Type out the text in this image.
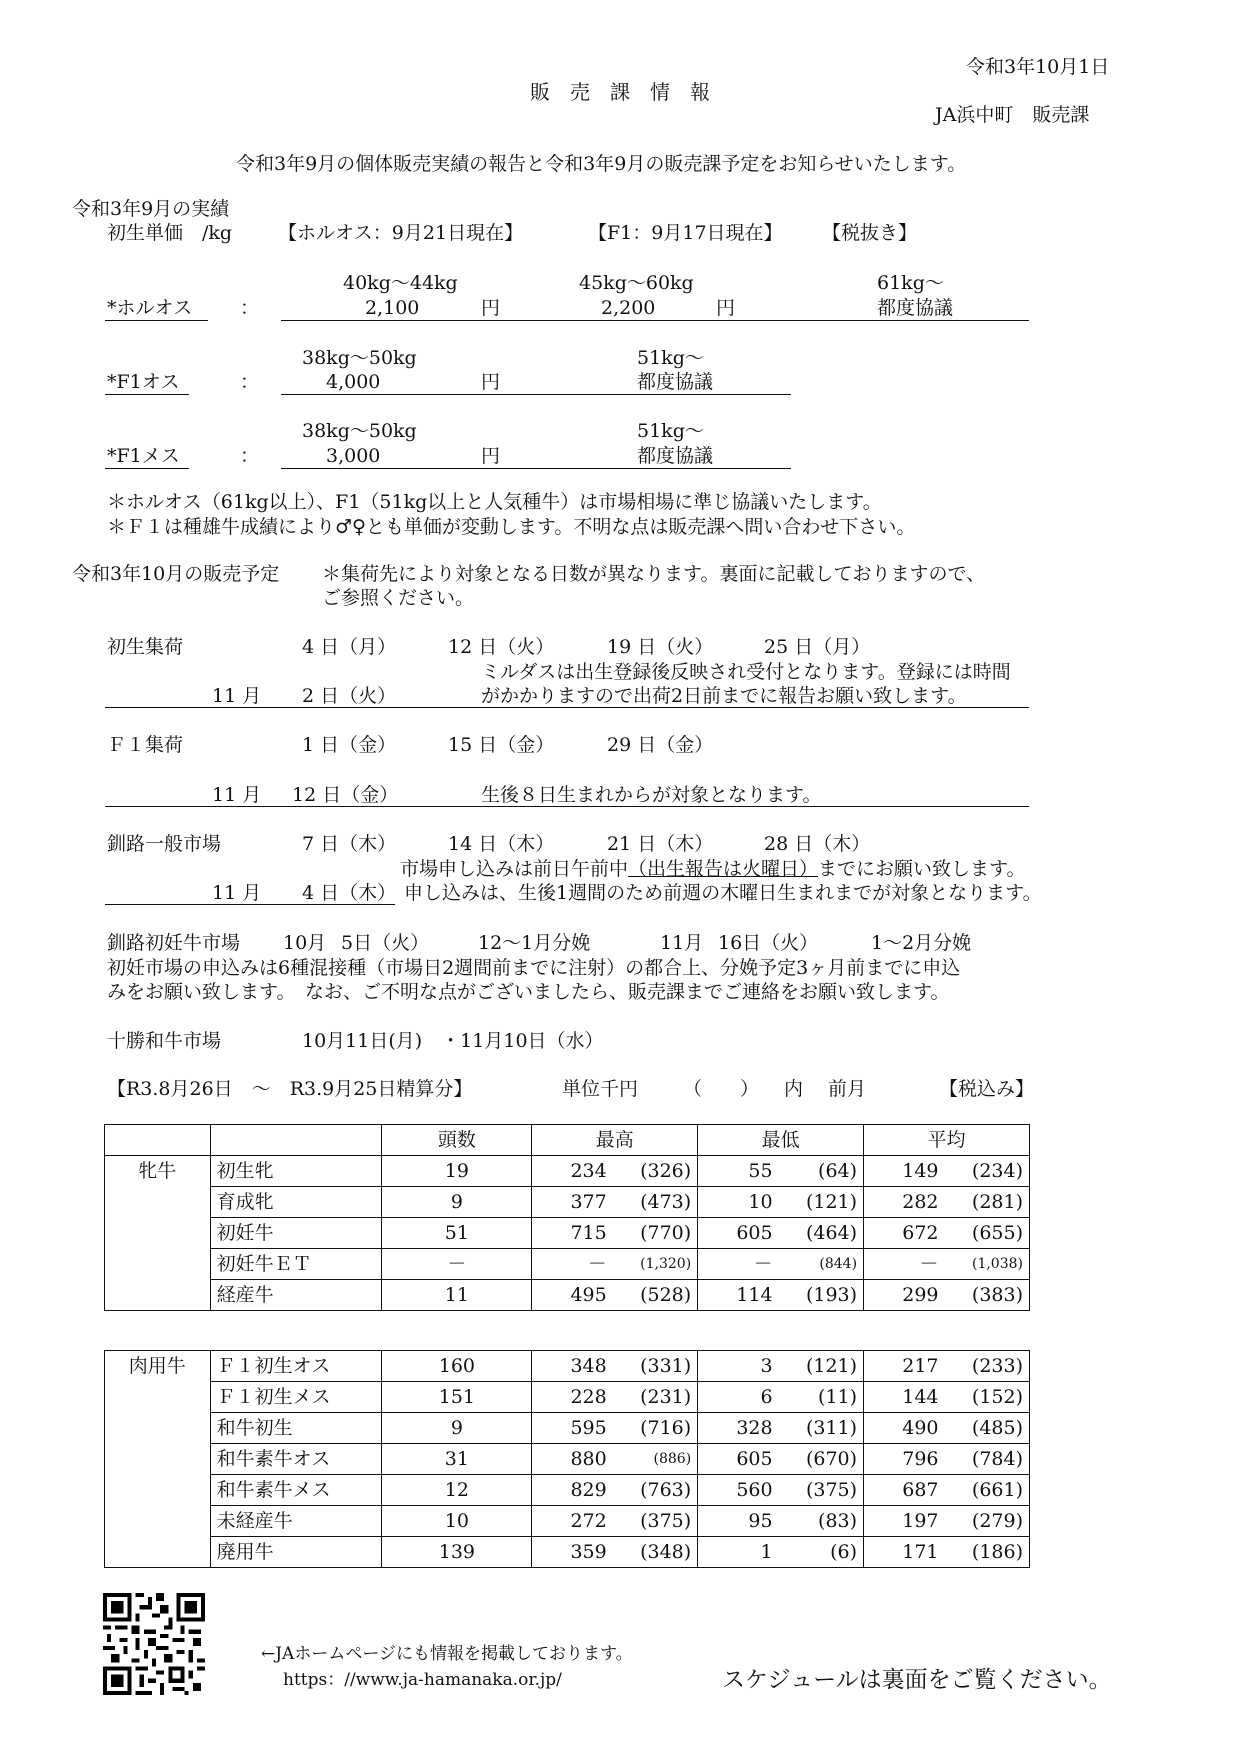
令和3年10月1日
販　売　課　情　報
JA浜中町　販売課
令和3年9月の個体販売実績の報告と令和3年9月の販売課予定をお知らせいたします。
令和3年9月の実績
初生単価　/kg 【ホルオス：9月21日現在】	【F1：9月17日現在】 【税抜き】
40kg〜44kg	45kg〜60kg	61kg〜
*ホルオス	：	2,100	円	2,200	円	都度協議
38kg〜50kg	51kg〜
*F1オス	：	4,000	円	都度協議
38kg〜50kg	51kg〜
*F1メス	：	3,000	円	都度協議
＊ホルオス（61kg以上）、F1（51kg以上と人気種牛）は市場相場に準じ協議いたします。
＊Ｆ１は種雄牛成績により♂♀とも単価が変動します。不明な点は販売課へ問い合わせ下さい。
令和3年10月の販売予定 ＊集荷先により対象となる日数が異なります。裏面に記載しておりますので、
ご参照ください。
初生集荷	4 日（月）	12 日（火）	19 日（火）	25 日（月）
ミルダスは出生登録後反映され受付となります。登録には時間
11 月 2 日（火）	がかかりますので出荷2日前までに報告お願い致します。
Ｆ１集荷	1 日（金）	15 日（金）	29 日（金）
11 月 12 日（金）	生後８日生まれからが対象となります。
釧路一般市場	7 日（木）	14 日（木）	21 日（木）	28 日（木）
市場申し込みは前日午前中（出生報告は火曜日）までにお願い致します。
11 月 4 日（木） 申し込みは、生後1週間のため前週の木曜日生まれまでが対象となります。
釧路初妊牛市場 10月 5日（火）	12〜1月分娩	11月 16日（火）	1〜2月分娩
初妊市場の申込みは6種混接種（市場日2週間前までに注射）の都合上、分娩予定3ヶ月前までに申込
みをお願い致します。　なお、ご不明な点がございましたら、販売課までご連絡をお願い致します。
十勝和牛市場	10月11日(月)　・11月10日（水）
【R3.8月26日　〜　R3.9月25日精算分】	単位千円 （　　） 内 前月	【税込み】
		頭数	最高		最低		平均	
牝牛	初生牝	19	234	(326)	55	(64)	149	(234)
	育成牝	9	377	(473)	10	(121)	282	(281)
	初妊牛	51	715	(770)	605	(464)	672	(655)
	初妊牛ＥＴ	－	－	(1,320)	－	(844)	－	(1,038)
	経産牛	11	495	(528)	114	(193)	299	(383)
肉用牛	Ｆ１初生オス	160	348	(331)	3	(121)	217	(233)
	Ｆ１初生メス	151	228	(231)	6	(11)	144	(152)
	和牛初生	9	595	(716)	328	(311)	490	(485)
	和牛素牛オス	31	880	(886)	605	(670)	796	(784)
	和牛素牛メス	12	829	(763)	560	(375)	687	(661)
	未経産牛	10	272	(375)	95	(83)	197	(279)
	廃用牛	139	359	(348)	1	(6)	171	(186)
←JAホームページにも情報を掲載しております。
https：//www.ja-hamanaka.or.jp/	スケジュールは裏面をご覧ください。
